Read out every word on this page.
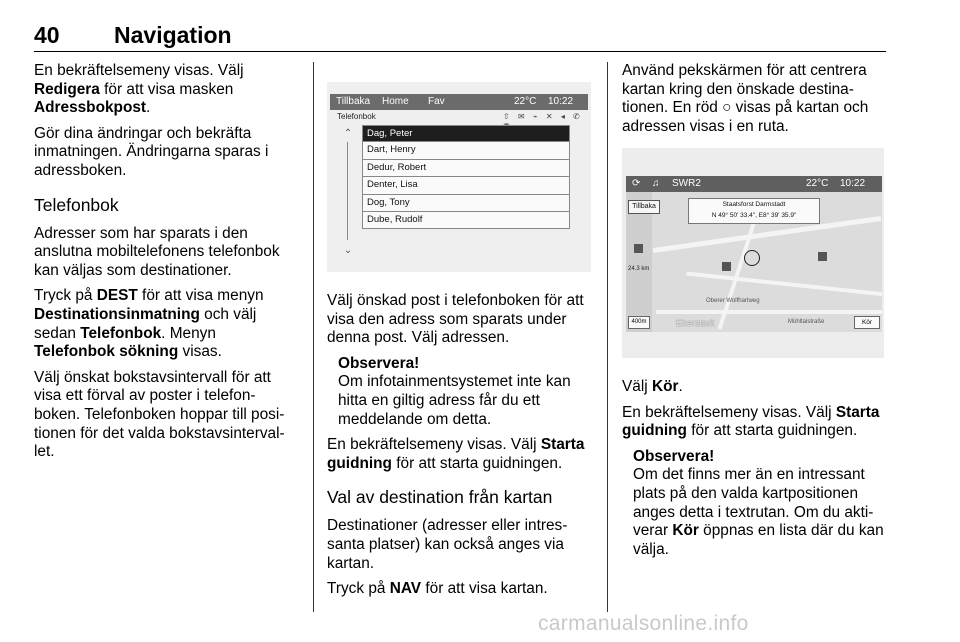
40 Navigation

En bekräftelsemeny visas. Välj Redigera för att visa masken Adressbokpost.

Gör dina ändringar och bekräfta inmatningen. Ändringarna sparas i adressboken.

Telefonbok

Adresser som har sparats i den anslutna mobiltelefonens telefonbok kan väljas som destinationer.

Tryck på DEST för att visa menyn Destinationsinmatning och välj sedan Telefonbok. Menyn Telefonbok sökning visas.

Välj önskat bokstavsintervall för att visa ett förval av poster i telefon-boken. Telefonboken hoppar till posi-tionen för det valda bokstavsinterval-let.

Tillbaka Home Fav	22°C 10:22
Telefonbok	⇧ ✉ ⌁ ✕ ◂ ✆
⌃
⌄
Dag, Peter
Dart, Henry
Dedur, Robert
Denter, Lisa
Dog, Tony
Dube, Rudolf

Välj önskad post i telefonboken för att visa den adress som sparats under denna post. Välj adressen.

Observera!
Om infotainmentsystemet inte kan hitta en giltig adress får du ett meddelande om detta.

En bekräftelsemeny visas. Välj Starta guidning för att starta guidningen.

Val av destination från kartan

Destinationer (adresser eller intres-santa platser) kan också anges via kartan.

Tryck på NAV för att visa kartan.

Använd pekskärmen för att centrera kartan kring den önskade destina-tionen. En röd ○ visas på kartan och adressen visas i en ruta.

⟳ ♫ SWR2	22°C 10:22
Tillbaka	Staatsforst Darmstadt
N 49° 50' 33.4", E8° 39' 35.9"
24.3 km
Oberer Wolfhartweg
Mühltalstraße
Eberstadt
400m	Kör

Välj Kör.

En bekräftelsemeny visas. Välj Starta guidning för att starta guidningen.

Observera!
Om det finns mer än en intressant plats på den valda kartpositionen anges detta i textrutan. Om du akti-verar Kör öppnas en lista där du kan välja.
carmanualsonline.info
